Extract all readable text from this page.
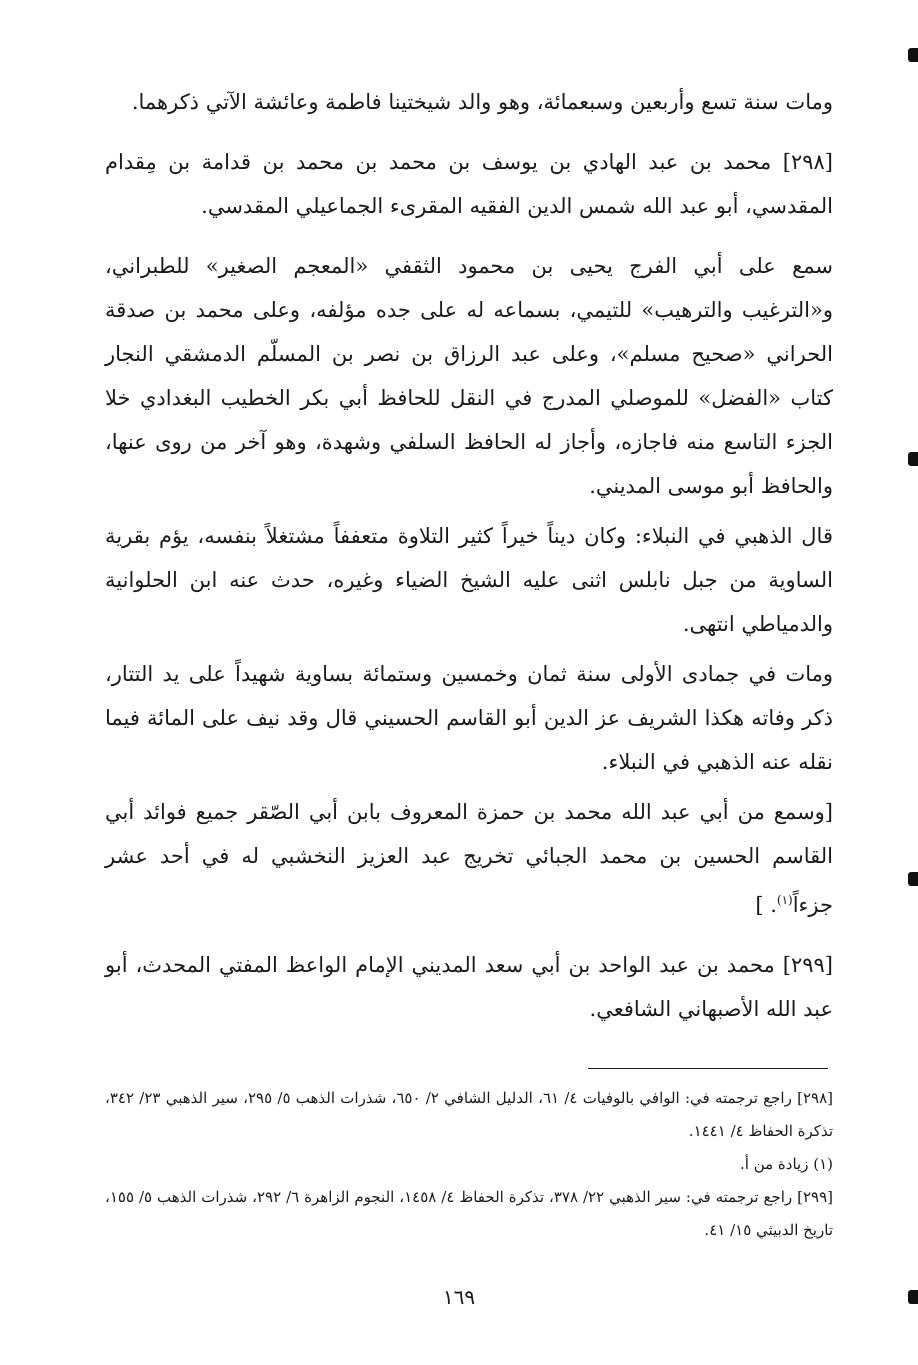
ومات سنة تسع وأربعين وسبعمائة، وهو والد شيختينا فاطمة وعائشة الآتي ذكرهما.

[٢٩٨] محمد بن عبد الهادي بن يوسف بن محمد بن محمد بن قدامة بن مِقدام المقدسي، أبو عبد الله شمس الدين الفقيه المقرىء الجماعيلي المقدسي.

سمع على أبي الفرج يحيى بن محمود الثقفي «المعجم الصغير» للطبراني، و«الترغيب والترهيب» للتيمي، بسماعه له على جده مؤلفه، وعلى محمد بن صدقة الحراني «صحيح مسلم»، وعلى عبد الرزاق بن نصر بن المسلّم الدمشقي النجار كتاب «الفضل» للموصلي المدرج في النقل للحافظ أبي بكر الخطيب البغدادي خلا الجزء التاسع منه فاجازه، وأجاز له الحافظ السلفي وشهدة، وهو آخر من روى عنها، والحافظ أبو موسى المديني.

قال الذهبي في النبلاء: وكان ديناً خيراً كثير التلاوة متعففاً مشتغلاً بنفسه، يؤم بقرية الساوية من جبل نابلس اثنى عليه الشيخ الضياء وغيره، حدث عنه ابن الحلوانية والدمياطي انتهى.

ومات في جمادى الأولى سنة ثمان وخمسين وستمائة بساوية شهيداً على يد التتار، ذكر وفاته هكذا الشريف عز الدين أبو القاسم الحسيني قال وقد نيف على المائة فيما نقله عنه الذهبي في النبلاء.

[وسمع من أبي عبد الله محمد بن حمزة المعروف بابن أبي الصّقر جميع فوائد أبي القاسم الحسين بن محمد الجبائي تخريج عبد العزيز النخشبي له في أحد عشر جزءاً$^{(١)}$. ]

[٢٩٩] محمد بن عبد الواحد بن أبي سعد المديني الإمام الواعظ المفتي المحدث، أبو عبد الله الأصبهاني الشافعي.

[٢٩٨] راجع ترجمته في: الوافي بالوفيات ٤/ ٦١، الدليل الشافي ٢/ ٦٥٠، شذرات الذهب ٥/ ٢٩٥، سير الذهبي ٢٣/ ٣٤٢، تذكرة الحفاظ ٤/ ١٤٤١.

(١) زيادة من أ.

[٢٩٩] راجع ترجمته في: سير الذهبي ٢٢/ ٣٧٨، تذكرة الحفاظ ٤/ ١٤٥٨، النجوم الزاهرة ٦/ ٢٩٢، شذرات الذهب ٥/ ١٥٥، تاريخ الدبيثي ١٥/ ٤١.

١٦٩
